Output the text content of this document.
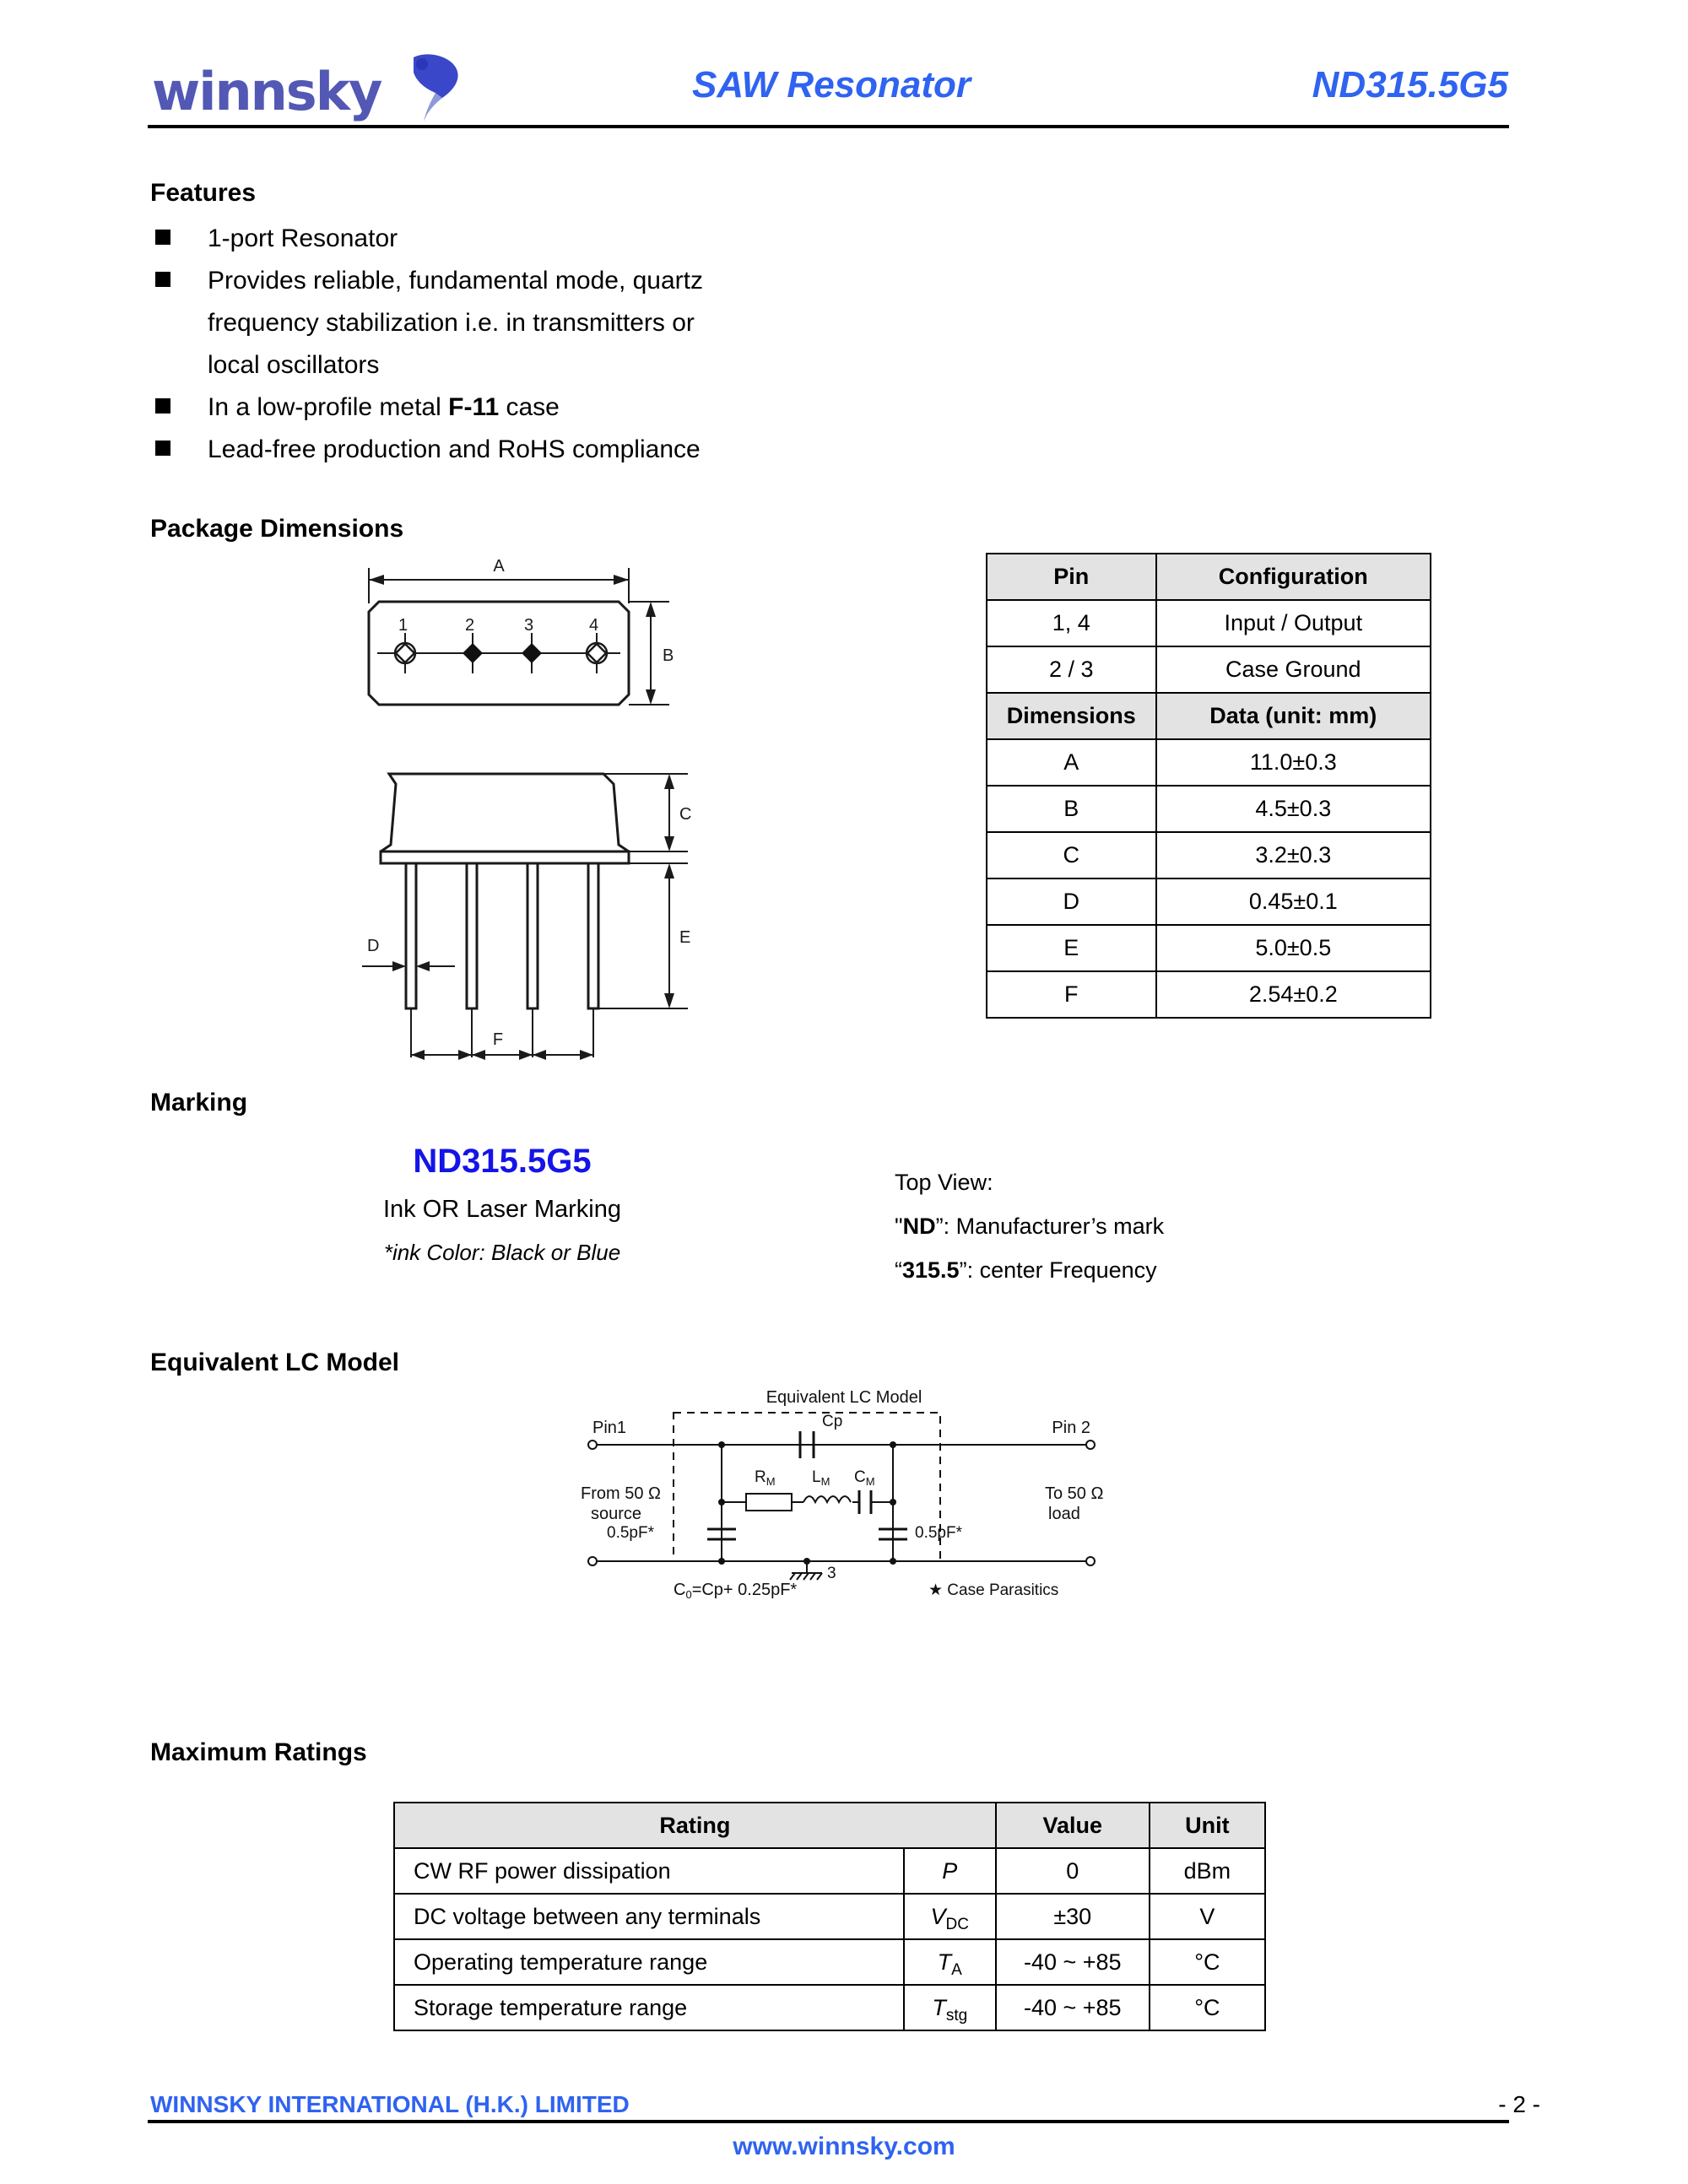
winnsky	SAW Resonator	ND315.5G5
Features
1-port Resonator
Provides reliable, fundamental mode, quartz
frequency stabilization i.e. in transmitters or
local oscillators
In a low-profile metal F-11 case
Lead-free production and RoHS compliance
Package Dimensions
A
B
1	2	3	4
C
E
D
F
Pin	Configuration
1, 4	Input / Output
2 / 3	Case Ground
Dimensions	Data (unit: mm)
A	11.0±0.3
B	4.5±0.3
C	3.2±0.3
D	0.45±0.1
E	5.0±0.5
F	2.54±0.2
Marking
ND315.5G5
Ink OR Laser Marking
*ink Color: Black or Blue
Top View:
"ND”: Manufacturer’s mark
“315.5”: center Frequency
Equivalent LC Model
Equivalent LC Model
Cp
$R_M$ $L_M$ $C_M$
0.5pF*	0.5pF*
3
Pin1	Pin 2
From 50 Ω
source
To 50 Ω
load
$C_0=Cp+ 0.25pF*$	★ Case Parasitics
Maximum Ratings
Rating		Value	Unit
CW RF power dissipation	P	0	dBm
DC voltage between any terminals	$V_{DC}$	±30	V
Operating temperature range	$T_A$	-40 ~ +85	°C
Storage temperature range	$T_{stg}$	-40 ~ +85	°C
WINNSKY INTERNATIONAL (H.K.) LIMITED	- 2 -
www.winnsky.com
